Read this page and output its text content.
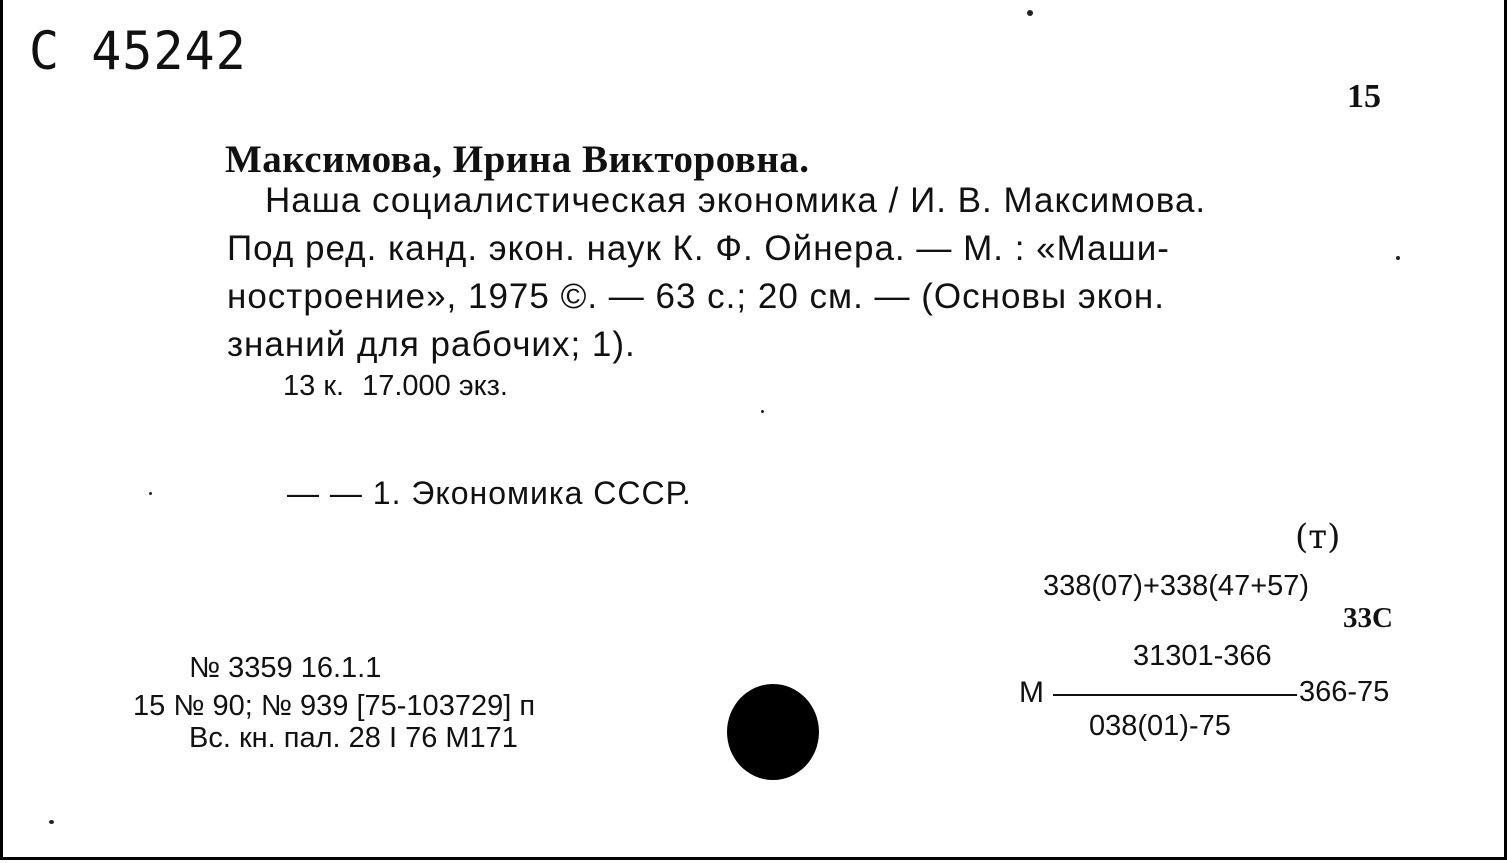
С 45242
15
Максимова, Ирина Викторовна.
Наша социалистическая экономика / И. В. Максимова.
Под ред. канд. экон. наук К. Ф. Ойнера. — М. : «Маши-
ностроение», 1975 ©. — 63 с.; 20 см. — (Основы экон.
знаний для рабочих; 1).
13 к. 17.000 экз.
— — 1. Экономика СССР.
(т)
338(07)+338(47+57)
33С
31301-366
М	366-75
038(01)-75
№ 3359 16.1.1
15 № 90; № 939 [75-103729] п
Вс. кн. пал. 28 I 76 М171
